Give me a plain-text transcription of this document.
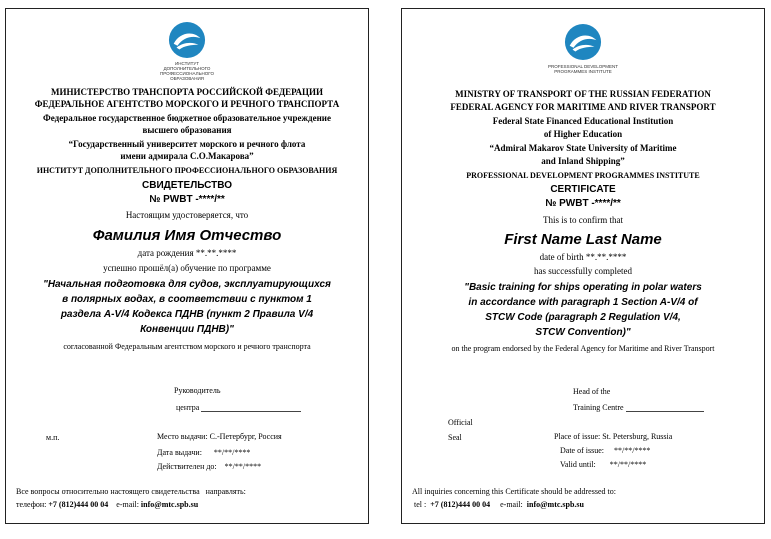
ИНСТИТУТ
ДОПОЛНИТЕЛЬНОГО
ПРОФЕССИОНАЛЬНОГО
ОБРАЗОВАНИЯ
МИНИСТЕРСТВО ТРАНСПОРТА РОССИЙСКОЙ ФЕДЕРАЦИИ
ФЕДЕРАЛЬНОЕ АГЕНТСТВО МОРСКОГО И РЕЧНОГО ТРАНСПОРТА
Федеральное государственное бюджетное образовательное учреждение
высшего образования
“Государственный университет морского и речного флота
имени адмирала С.О.Макарова”
ИНСТИТУТ ДОПОЛНИТЕЛЬНОГО ПРОФЕССИОНАЛЬНОГО ОБРАЗОВАНИЯ
СВИДЕТЕЛЬСТВО
№ PWBT -****/**
Настоящим удостоверяется, что
Фамилия Имя Отчество
дата рождения **.**.****
успешно прошёл(а) обучение по программе
"Начальная подготовка для судов, эксплуатирующихся
в полярных водах, в соответствии с пунктом 1
раздела A-V/4 Кодекса ПДНВ (пункт 2 Правила V/4
Конвенции ПДНВ)"
согласованной Федеральным агентством морского и речного транспорта
Руководитель
центра
м.п.	Место выдачи: С.-Петербург, Россия
Дата выдачи:      **/**/****
Действителен до:    **/**/****
Все вопросы относительно настоящего свидетельства   направлять:
телефон: +7 (812)444 00 04 e-mail: info@mtc.spb.su
PROFESSIONAL DEVELOPMENT
PROGRAMMES INSTITUTE
MINISTRY OF TRANSPORT OF THE RUSSIAN FEDERATION
FEDERAL AGENCY FOR MARITIME AND RIVER TRANSPORT
Federal State Financed Educational Institution
of Higher Education
“Admiral Makarov State University of Maritime
and Inland Shipping”
PROFESSIONAL DEVELOPMENT PROGRAMMES INSTITUTE
CERTIFICATE
№ PWBT -****/**
This is to confirm that
First Name Last Name
date of birth **.**.****
has successfully completed
"Basic training for ships operating in polar waters
in accordance with paragraph 1 Section A-V/4 of
STCW Code (paragraph 2 Regulation V/4,
STCW Convention)"
on the program endorsed by the Federal Agency for Maritime and River Transport
Head of the
Training Centre
Official
Seal	Place of issue: St. Petersburg, Russia
Date of issue:     **/**/****
Valid until:       **/**/****
All inquiries concerning this Certificate should be addressed to:
tel : +7 (812)444 00 04 e-mail: info@mtc.spb.su
